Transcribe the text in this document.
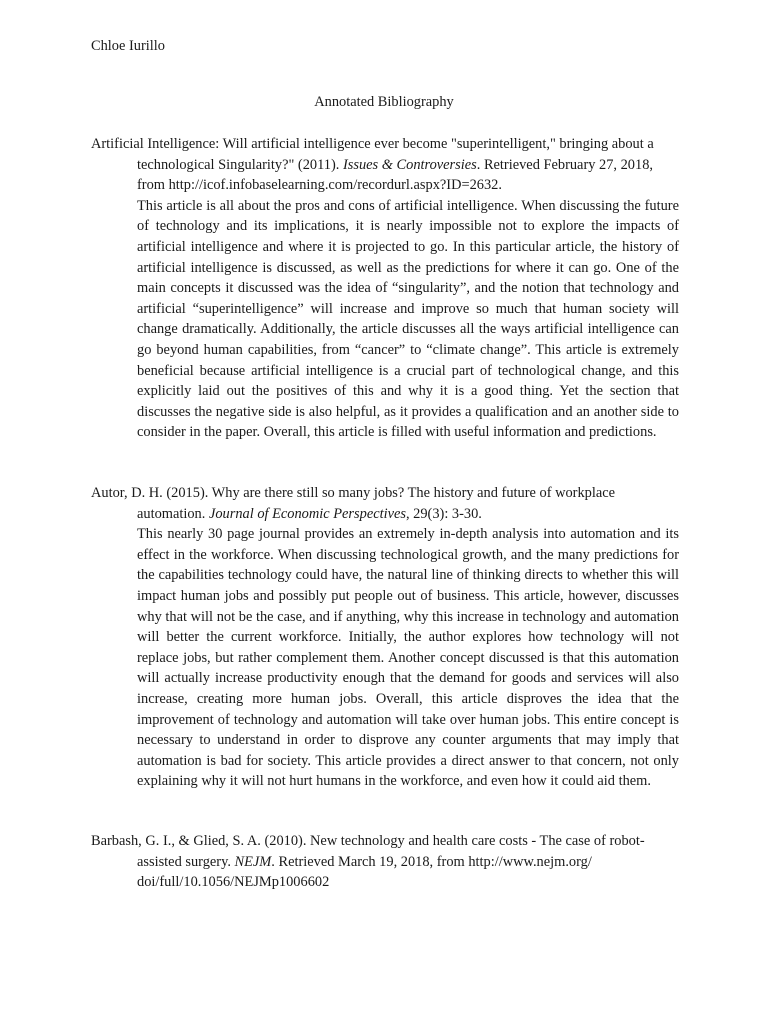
Chloe Iurillo
Annotated Bibliography
Artificial Intelligence: Will artificial intelligence ever become "superintelligent," bringing about a technological Singularity?" (2011). Issues & Controversies. Retrieved February 27, 2018, from http://icof.infobaselearning.com/recordurl.aspx?ID=2632.
This article is all about the pros and cons of artificial intelligence. When discussing the future of technology and its implications, it is nearly impossible not to explore the impacts of artificial intelligence and where it is projected to go. In this particular article, the history of artificial intelligence is discussed, as well as the predictions for where it can go. One of the main concepts it discussed was the idea of “singularity”, and the notion that technology and artificial “superintelligence” will increase and improve so much that human society will change dramatically. Additionally, the article discusses all the ways artificial intelligence can go beyond human capabilities, from “cancer” to “climate change”. This article is extremely beneficial because artificial intelligence is a crucial part of technological change, and this explicitly laid out the positives of this and why it is a good thing. Yet the section that discusses the negative side is also helpful, as it provides a qualification and an another side to consider in the paper. Overall, this article is filled with useful information and predictions.
Autor, D. H. (2015). Why are there still so many jobs? The history and future of workplace automation. Journal of Economic Perspectives, 29(3): 3-30.
This nearly 30 page journal provides an extremely in-depth analysis into automation and its effect in the workforce. When discussing technological growth, and the many predictions for the capabilities technology could have, the natural line of thinking directs to whether this will impact human jobs and possibly put people out of business. This article, however, discusses why that will not be the case, and if anything, why this increase in technology and automation will better the current workforce. Initially, the author explores how technology will not replace jobs, but rather complement them. Another concept discussed is that this automation will actually increase productivity enough that the demand for goods and services will also increase, creating more human jobs. Overall, this article disproves the idea that the improvement of technology and automation will take over human jobs. This entire concept is necessary to understand in order to disprove any counter arguments that may imply that automation is bad for society. This article provides a direct answer to that concern, not only explaining why it will not hurt humans in the workforce, and even how it could aid them.
Barbash, G. I., & Glied, S. A. (2010). New technology and health care costs - The case of robot-assisted surgery. NEJM. Retrieved March 19, 2018, from http://www.nejm.org/ doi/full/10.1056/NEJMp1006602
